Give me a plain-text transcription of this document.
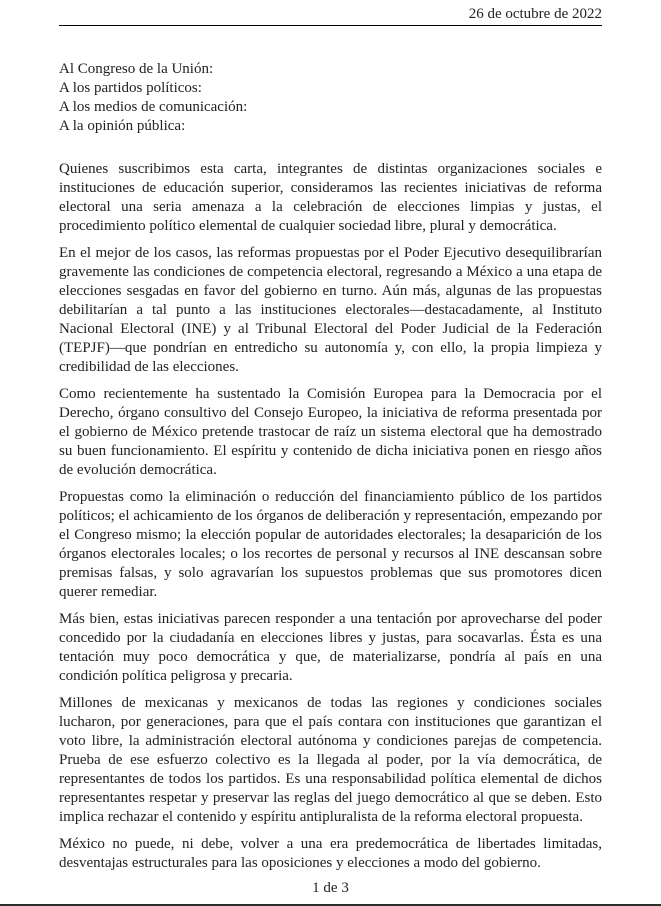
26 de octubre de 2022
Al Congreso de la Unión:
A los partidos políticos:
A los medios de comunicación:
A la opinión pública:

Quienes suscribimos esta carta, integrantes de distintas organizaciones sociales e instituciones de educación superior, consideramos las recientes iniciativas de reforma electoral una seria amenaza a la celebración de elecciones limpias y justas, el procedimiento político elemental de cualquier sociedad libre, plural y democrática.

En el mejor de los casos, las reformas propuestas por el Poder Ejecutivo desequilibrarían gravemente las condiciones de competencia electoral, regresando a México a una etapa de elecciones sesgadas en favor del gobierno en turno. Aún más, algunas de las propuestas debilitarían a tal punto a las instituciones electorales—destacadamente, al Instituto Nacional Electoral (INE) y al Tribunal Electoral del Poder Judicial de la Federación (TEPJF)—que pondrían en entredicho su autonomía y, con ello, la propia limpieza y credibilidad de las elecciones.

Como recientemente ha sustentado la Comisión Europea para la Democracia por el Derecho, órgano consultivo del Consejo Europeo, la iniciativa de reforma presentada por el gobierno de México pretende trastocar de raíz un sistema electoral que ha demostrado su buen funcionamiento. El espíritu y contenido de dicha iniciativa ponen en riesgo años de evolución democrática.

Propuestas como la eliminación o reducción del financiamiento público de los partidos políticos; el achicamiento de los órganos de deliberación y representación, empezando por el Congreso mismo; la elección popular de autoridades electorales; la desaparición de los órganos electorales locales; o los recortes de personal y recursos al INE descansan sobre premisas falsas, y solo agravarían los supuestos problemas que sus promotores dicen querer remediar.

Más bien, estas iniciativas parecen responder a una tentación por aprovecharse del poder concedido por la ciudadanía en elecciones libres y justas, para socavarlas. Ésta es una tentación muy poco democrática y que, de materializarse, pondría al país en una condición política peligrosa y precaria.

Millones de mexicanas y mexicanos de todas las regiones y condiciones sociales lucharon, por generaciones, para que el país contara con instituciones que garantizan el voto libre, la administración electoral autónoma y condiciones parejas de competencia. Prueba de ese esfuerzo colectivo es la llegada al poder, por la vía democrática, de representantes de todos los partidos. Es una responsabilidad política elemental de dichos representantes respetar y preservar las reglas del juego democrático al que se deben. Esto implica rechazar el contenido y espíritu antipluralista de la reforma electoral propuesta.

México no puede, ni debe, volver a una era predemocrática de libertades limitadas, desventajas estructurales para las oposiciones y elecciones a modo del gobierno.

1 de 3
